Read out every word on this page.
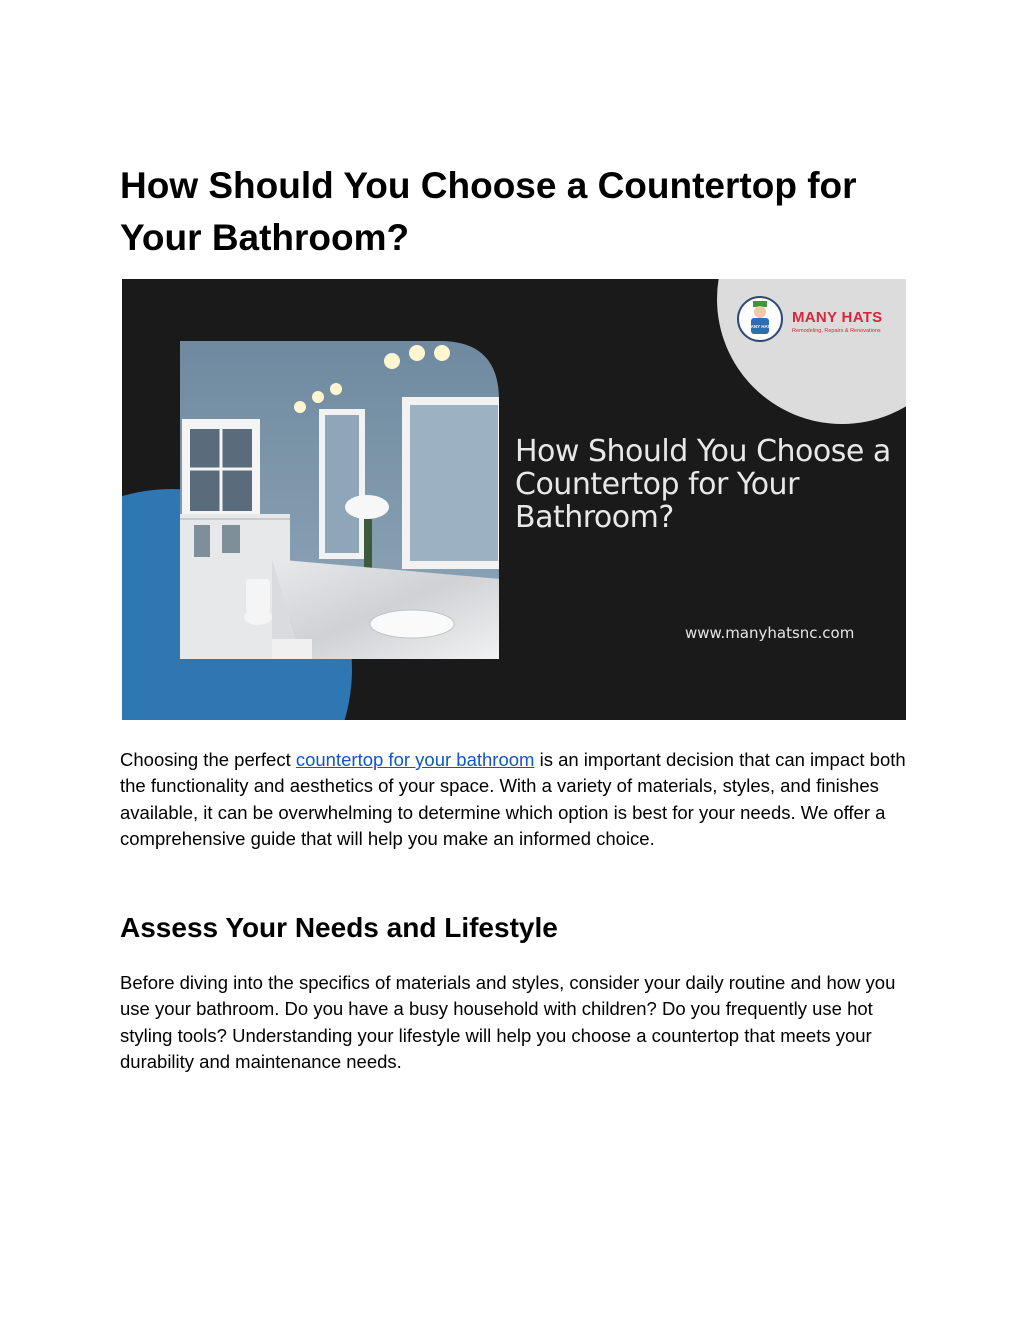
How Should You Choose a Countertop for Your Bathroom?
MANY HATS
MANY HATS
Remodeling, Repairs & Renovations
How Should You Choose a Countertop for Your Bathroom?
www.manyhatsnc.com

Choosing the perfect countertop for your bathroom is an important decision that can impact both the functionality and aesthetics of your space. With a variety of materials, styles, and finishes available, it can be overwhelming to determine which option is best for your needs. We offer a comprehensive guide that will help you make an informed choice.

Assess Your Needs and Lifestyle

Before diving into the specifics of materials and styles, consider your daily routine and how you use your bathroom. Do you have a busy household with children? Do you frequently use hot styling tools? Understanding your lifestyle will help you choose a countertop that meets your durability and maintenance needs.
